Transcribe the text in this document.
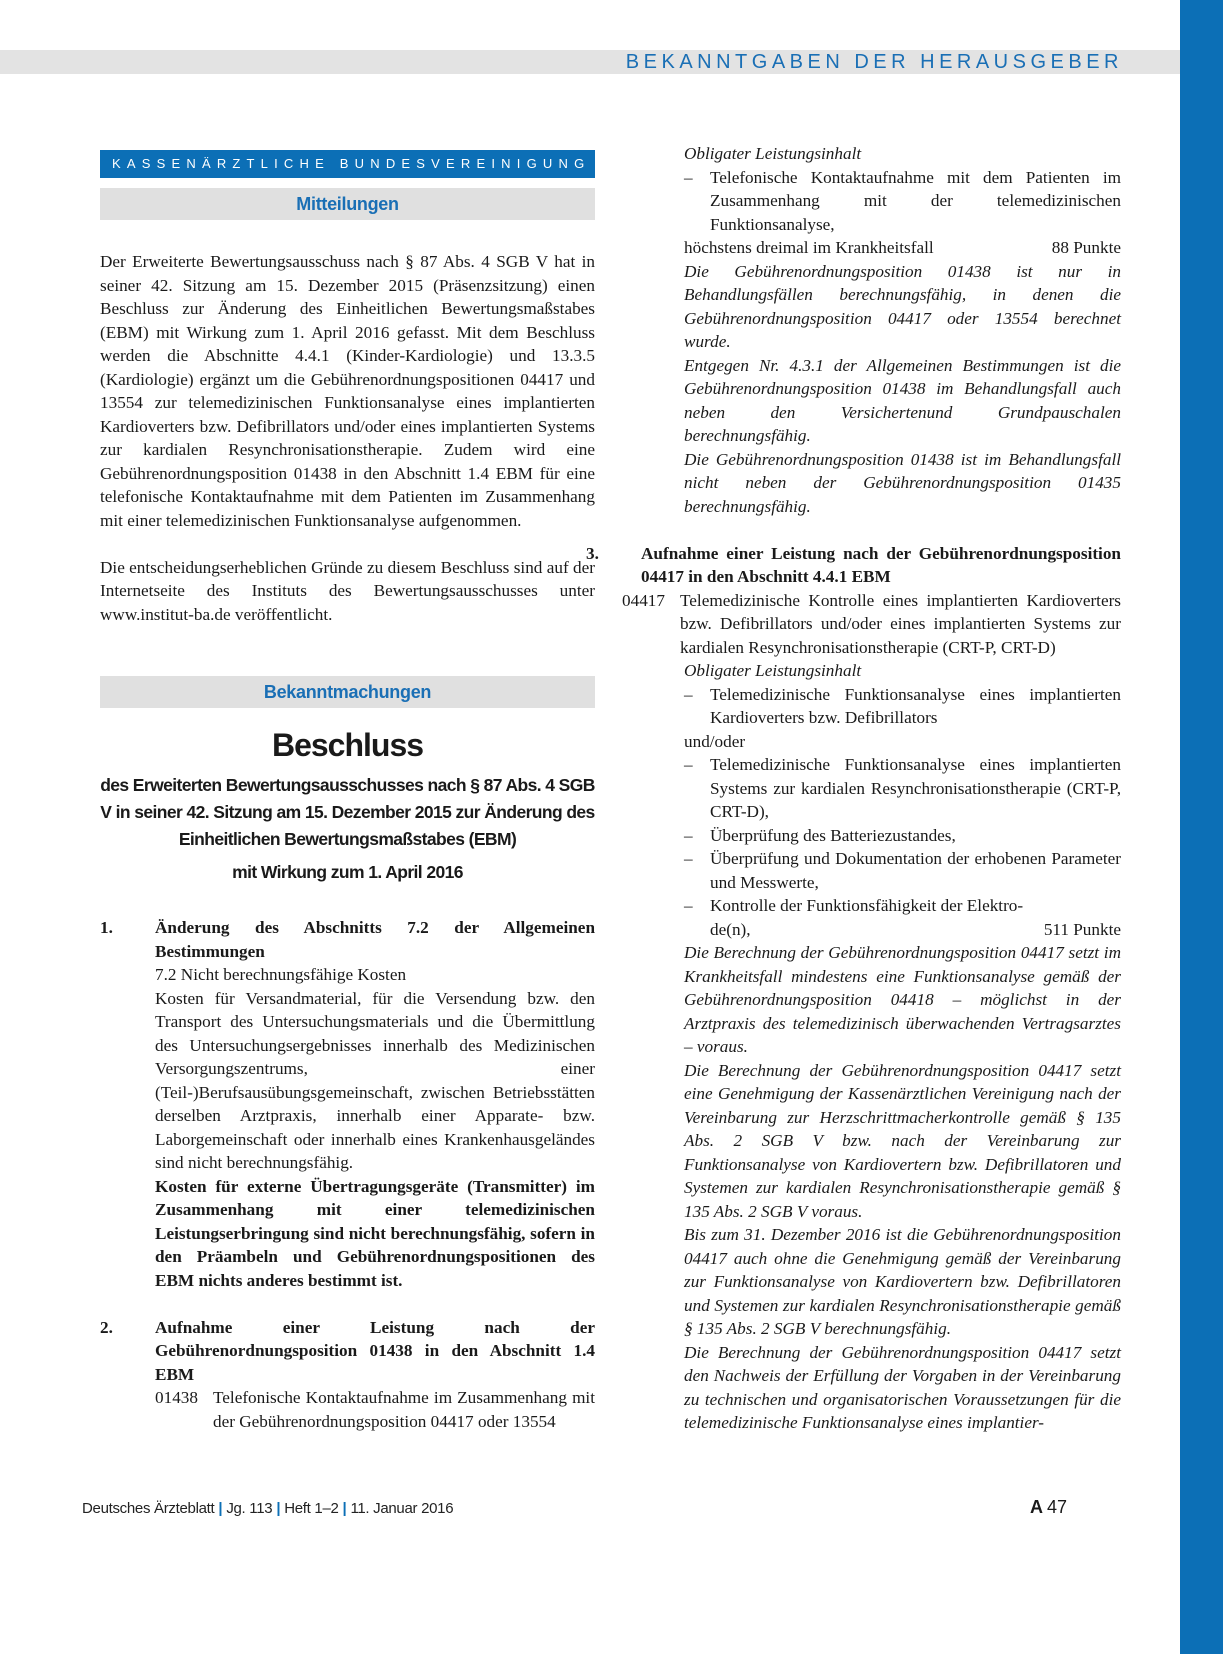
BEKANNTGABEN DER HERAUSGEBER
KASSENÄRZTLICHE BUNDESVEREINIGUNG
Mitteilungen

Der Erweiterte Bewertungsausschuss nach § 87 Abs. 4 SGB V hat in seiner 42. Sitzung am 15. Dezember 2015 (Präsenzsitzung) einen Beschluss zur Änderung des Einheitlichen Bewertungsmaßstabes (EBM) mit Wirkung zum 1. April 2016 gefasst. Mit dem Beschluss werden die Abschnitte 4.4.1 (Kinder-Kardiologie) und 13.3.5 (Kardiologie) ergänzt um die Gebührenordnungspositionen 04417 und 13554 zur telemedizinischen Funktionsanalyse eines implantierten Kardioverters bzw. Defibrillators und/oder eines implantierten Systems zur kardialen Resynchronisationstherapie. Zudem wird eine Gebührenordnungsposition 01438 in den Abschnitt 1.4 EBM für eine telefonische Kontaktaufnahme mit dem Patienten im Zusammenhang mit einer telemedizinischen Funktionsanalyse aufgenommen.

Die entscheidungserheblichen Gründe zu diesem Beschluss sind auf der Internetseite des Instituts des Bewertungsausschusses unter www.institut-ba.de veröffentlicht.

Bekanntmachungen
Beschluss

des Erweiterten Bewertungsausschusses nach § 87 Abs. 4 SGB V in seiner 42. Sitzung am 15. Dezember 2015 zur Änderung des Einheitlichen Bewertungsmaßstabes (EBM)

mit Wirkung zum 1. April 2016
1.	Änderung des Abschnitts 7.2 der Allgemeinen Bestimmungen
7.2 Nicht berechnungsfähige Kosten

Kosten für Versandmaterial, für die Versendung bzw. den Transport des Untersuchungsmaterials und die Übermittlung des Untersuchungsergebnisses innerhalb des Medizinischen Versorgungszentrums, einer (Teil-)Berufsausübungsgemeinschaft, zwischen Betriebsstätten derselben Arztpraxis, innerhalb einer Apparate- bzw. Laborgemeinschaft oder innerhalb eines Krankenhausgeländes sind nicht berechnungsfähig.

Kosten für externe Übertragungsgeräte (Transmitter) im Zusammenhang mit einer telemedizinischen Leistungserbringung sind nicht berechnungsfähig, sofern in den Präambeln und Gebührenordnungspositionen des EBM nichts anderes bestimmt ist.

2.	Aufnahme einer Leistung nach der Gebührenordnungsposition 01438 in den Abschnitt 1.4 EBM
01438 Telefonische Kontaktaufnahme im Zusammenhang mit der Gebührenordnungsposition 04417 oder 13554
Obligater Leistungsinhalt
–	Telefonische Kontaktaufnahme mit dem Patienten im Zusammenhang mit der telemedizinischen Funktionsanalyse,
höchstens dreimal im Krankheitsfall	88 Punkte

Die Gebührenordnungsposition 01438 ist nur in Behandlungsfällen berechnungsfähig, in denen die Gebührenordnungsposition 04417 oder 13554 berechnet wurde.

Entgegen Nr. 4.3.1 der Allgemeinen Bestimmungen ist die Gebührenordnungsposition 01438 im Behandlungsfall auch neben den Versichertenund Grundpauschalen berechnungsfähig.

Die Gebührenordnungsposition 01438 ist im Behandlungsfall nicht neben der Gebührenordnungsposition 01435 berechnungsfähig.

3.	Aufnahme einer Leistung nach der Gebührenordnungsposition 04417 in den Abschnitt 4.4.1 EBM
04417 Telemedizinische Kontrolle eines implantierten Kardioverters bzw. Defibrillators und/oder eines implantierten Systems zur kardialen Resynchronisationstherapie (CRT-P, CRT-D)
Obligater Leistungsinhalt
–	Telemedizinische Funktionsanalyse eines implantierten Kardioverters bzw. Defibrillators
und/oder
–	Telemedizinische Funktionsanalyse eines implantierten Systems zur kardialen Resynchronisationstherapie (CRT-P, CRT-D),
–	Überprüfung des Batteriezustandes,
–	Überprüfung und Dokumentation der erhobenen Parameter und Messwerte,
–	Kontrolle der Funktionsfähigkeit der Elektro-

de(n),	511 Punkte

Die Berechnung der Gebührenordnungsposition 04417 setzt im Krankheitsfall mindestens eine Funktionsanalyse gemäß der Gebührenordnungsposition 04418 – möglichst in der Arztpraxis des telemedizinisch überwachenden Vertragsarztes – voraus.

Die Berechnung der Gebührenordnungsposition 04417 setzt eine Genehmigung der Kassenärztlichen Vereinigung nach der Vereinbarung zur Herzschrittmacherkontrolle gemäß § 135 Abs. 2 SGB V bzw. nach der Vereinbarung zur Funktionsanalyse von Kardiovertern bzw. Defibrillatoren und Systemen zur kardialen Resynchronisationstherapie gemäß § 135 Abs. 2 SGB V voraus.

Bis zum 31. Dezember 2016 ist die Gebührenordnungsposition 04417 auch ohne die Genehmigung gemäß der Vereinbarung zur Funktionsanalyse von Kardiovertern bzw. Defibrillatoren und Systemen zur kardialen Resynchronisationstherapie gemäß § 135 Abs. 2 SGB V berechnungsfähig.

Die Berechnung der Gebührenordnungsposition 04417 setzt den Nachweis der Erfüllung der Vorgaben in der Vereinbarung zu technischen und organisatorischen Voraussetzungen für die telemedizinische Funktionsanalyse eines implantier-

Deutsches Ärzteblatt | Jg. 113 | Heft 1–2 | 11. Januar 2016	A 47
